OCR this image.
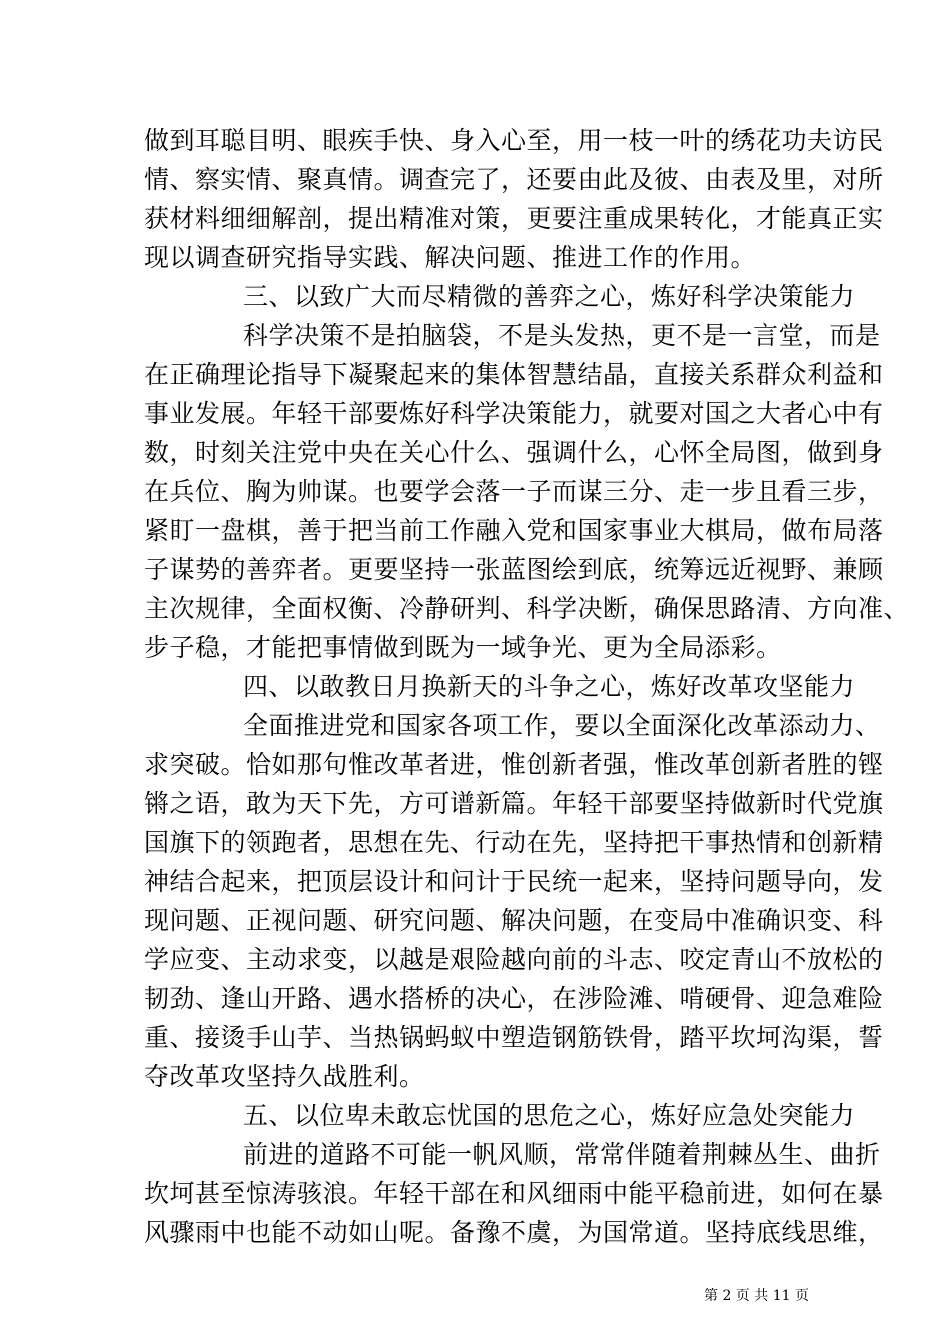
做到耳聪目明、眼疾手快、身入心至，用一枝一叶的绣花功夫访民
情、察实情、聚真情。调查完了，还要由此及彼、由表及里，对所
获材料细细解剖，提出精准对策，更要注重成果转化，才能真正实
现以调查研究指导实践、解决问题、推进工作的作用。
三、以致广大而尽精微的善弈之心，炼好科学决策能力
科学决策不是拍脑袋，不是头发热，更不是一言堂，而是
在正确理论指导下凝聚起来的集体智慧结晶，直接关系群众利益和
事业发展。年轻干部要炼好科学决策能力，就要对国之大者心中有
数，时刻关注党中央在关心什么、强调什么，心怀全局图，做到身
在兵位、胸为帅谋。也要学会落一子而谋三分、走一步且看三步，
紧盯一盘棋，善于把当前工作融入党和国家事业大棋局，做布局落
子谋势的善弈者。更要坚持一张蓝图绘到底，统筹远近视野、兼顾
主次规律，全面权衡、冷静研判、科学决断，确保思路清、方向准、
步子稳，才能把事情做到既为一域争光、更为全局添彩。
四、以敢教日月换新天的斗争之心，炼好改革攻坚能力
全面推进党和国家各项工作，要以全面深化改革添动力、
求突破。恰如那句惟改革者进，惟创新者强，惟改革创新者胜的铿
锵之语，敢为天下先，方可谱新篇。年轻干部要坚持做新时代党旗
国旗下的领跑者，思想在先、行动在先，坚持把干事热情和创新精
神结合起来，把顶层设计和问计于民统一起来，坚持问题导向，发
现问题、正视问题、研究问题、解决问题，在变局中准确识变、科
学应变、主动求变，以越是艰险越向前的斗志、咬定青山不放松的
韧劲、逢山开路、遇水搭桥的决心，在涉险滩、啃硬骨、迎急难险
重、接烫手山芋、当热锅蚂蚁中塑造钢筋铁骨，踏平坎坷沟渠，誓
夺改革攻坚持久战胜利。
五、以位卑未敢忘忧国的思危之心，炼好应急处突能力
前进的道路不可能一帆风顺，常常伴随着荆棘丛生、曲折
坎坷甚至惊涛骇浪。年轻干部在和风细雨中能平稳前进，如何在暴
风骤雨中也能不动如山呢。备豫不虞，为国常道。坚持底线思维，
第 2 页 共 11 页
